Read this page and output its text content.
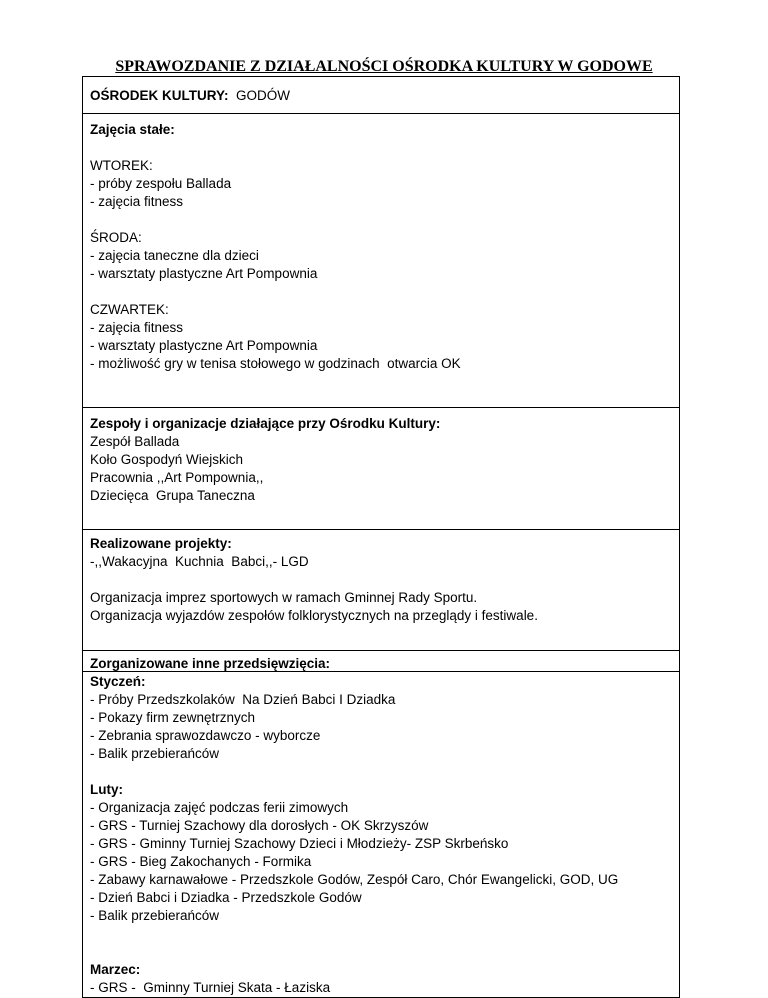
SPRAWOZDANIE Z DZIAŁALNOŚCI OŚRODKA KULTURY W GODOWE
OŚRODEK KULTURY: GODÓW
Zajęcia stałe:
WTOREK:
- próby zespołu Ballada
- zajęcia fitness
ŚRODA:
- zajęcia taneczne dla dzieci
- warsztaty plastyczne Art Pompownia
CZWARTEK:
- zajęcia fitness
- warsztaty plastyczne Art Pompownia
- możliwość gry w tenisa stołowego w godzinach  otwarcia OK
Zespoły i organizacje działające przy Ośrodku Kultury:
Zespół Ballada
Koło Gospodyń Wiejskich
Pracownia ,,Art Pompownia,,
Dziecięca  Grupa Taneczna
Realizowane projekty:
-,,Wakacyjna  Kuchnia  Babci,,- LGD
Organizacja imprez sportowych w ramach Gminnej Rady Sportu.
Organizacja wyjazdów zespołów folklorystycznych na przeglądy i festiwale.
Zorganizowane inne przedsięwzięcia:
Styczeń:
- Próby Przedszkolaków  Na Dzień Babci I Dziadka
- Pokazy firm zewnętrznych
- Zebrania sprawozdawczo - wyborcze
- Balik przebierańców
Luty:
- Organizacja zajęć podczas ferii zimowych
- GRS - Turniej Szachowy dla dorosłych - OK Skrzyszów
- GRS - Gminny Turniej Szachowy Dzieci i Młodzieży- ZSP Skrbeńsko
- GRS - Bieg Zakochanych - Formika
- Zabawy karnawałowe - Przedszkole Godów, Zespół Caro, Chór Ewangelicki, GOD, UG
- Dzień Babci i Dziadka - Przedszkole Godów
- Balik przebierańców
Marzec:
- GRS -  Gminny Turniej Skata - Łaziska
